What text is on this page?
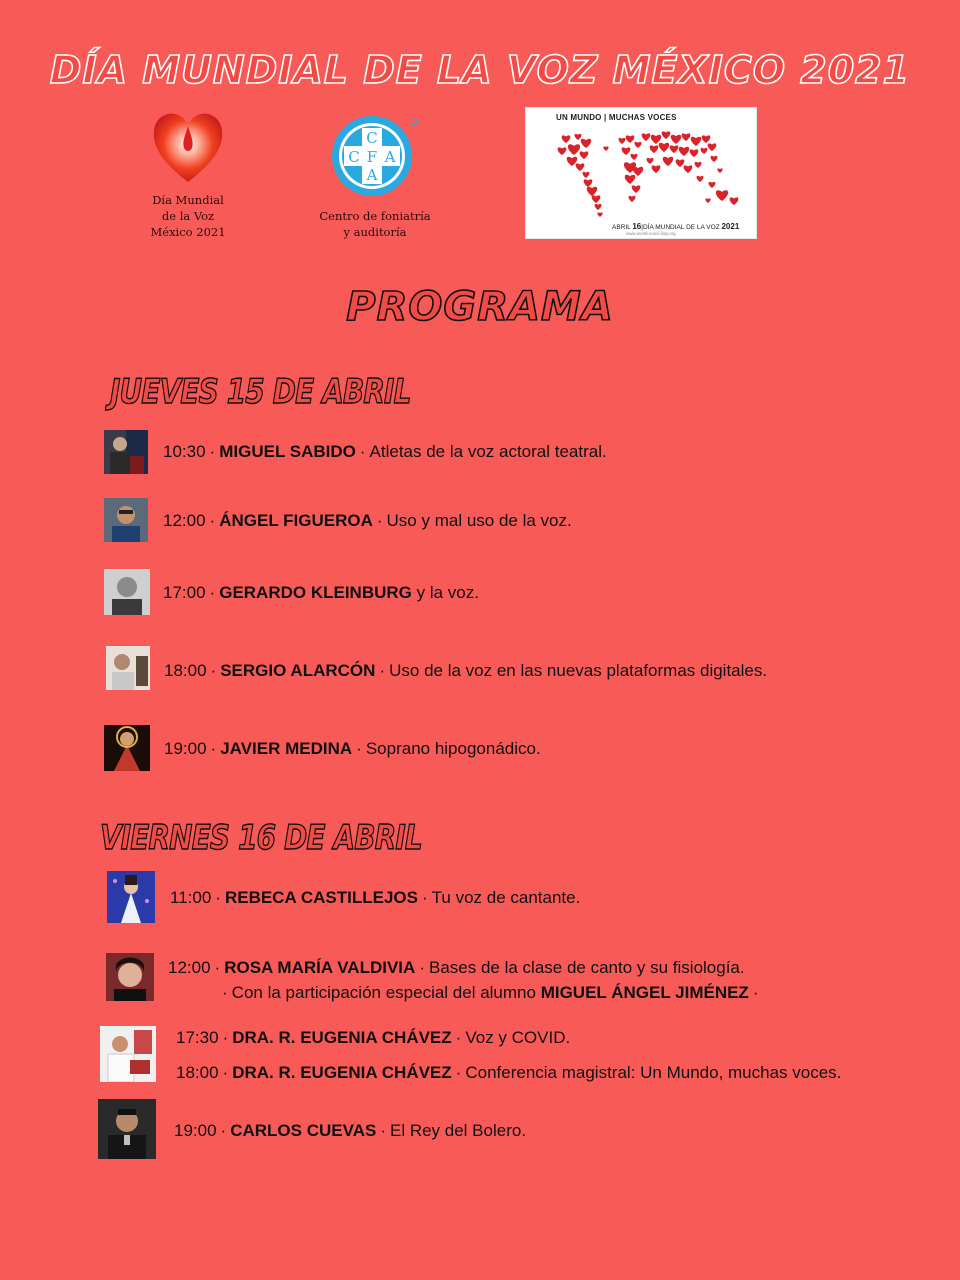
DÍA MUNDIAL DE LA VOZ MÉXICO 2021
Día Mundial
de la Voz
México 2021
C
C F A
A
Centro de foniatría
y auditoría
UN MUNDO | MUCHAS VOCES
ABRIL 16|DÍA MUNDIAL DE LA VOZ 2021
www.world-voice-day.org
PROGRAMA
JUEVES 15 DE ABRIL
10:30 · MIGUEL SABIDO · Atletas de la voz actoral teatral.
12:00 · ÁNGEL FIGUEROA · Uso y mal uso de la voz.
17:00 · GERARDO KLEINBURG y la voz.
18:00 · SERGIO ALARCÓN · Uso de la voz en las nuevas plataformas digitales.
19:00 · JAVIER MEDINA · Soprano hipogonádico.
VIERNES 16 DE ABRIL
11:00 · REBECA CASTILLEJOS · Tu voz de cantante.
12:00 · ROSA MARÍA VALDIVIA · Bases de la clase de canto y su fisiología.
· Con la participación especial del alumno MIGUEL ÁNGEL JIMÉNEZ ·
17:30 · DRA. R. EUGENIA CHÁVEZ · Voz y COVID.
18:00 · DRA. R. EUGENIA CHÁVEZ · Conferencia magistral: Un Mundo, muchas voces.
19:00 · CARLOS CUEVAS · El Rey del Bolero.
